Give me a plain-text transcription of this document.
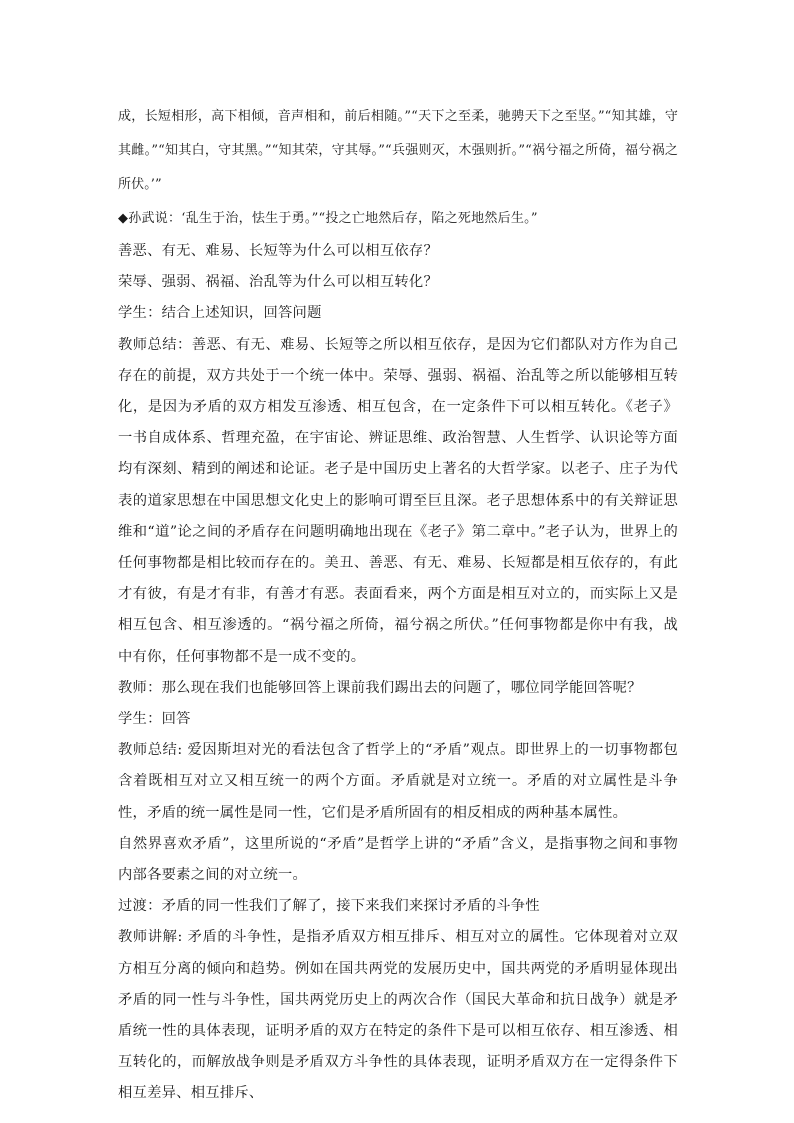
成，长短相形，高下相倾，音声相和，前后相随。”“天下之至柔，驰骋天下之至坚。”“知其雄，守其雌。”“知其白，守其黑。”“知其荣，守其辱。”“兵强则灭，木强则折。”“祸兮福之所倚，福兮祸之所伏。’”

◆孙武说：‘乱生于治，怯生于勇。”“投之亡地然后存，陷之死地然后生。”

善恶、有无、难易、长短等为什么可以相互依存？

荣辱、强弱、祸福、治乱等为什么可以相互转化？

学生：结合上述知识，回答问题

教师总结：善恶、有无、难易、长短等之所以相互依存，是因为它们都队对方作为自己存在的前提，双方共处于一个统一体中。荣辱、强弱、祸福、治乱等之所以能够相互转化，是因为矛盾的双方相发互渗透、相互包含，在一定条件下可以相互转化。《老子》一书自成体系、哲理充盈，在宇宙论、辨证思维、政治智慧、人生哲学、认识论等方面均有深刻、精到的阐述和论证。老子是中国历史上著名的大哲学家。以老子、庄子为代表的道家思想在中国思想文化史上的影响可谓至巨且深。老子思想体系中的有关辩证思维和“道”论之间的矛盾存在问题明确地出现在《老子》第二章中。”老子认为，世界上的任何事物都是相比较而存在的。美丑、善恶、有无、难易、长短都是相互依存的，有此才有彼，有是才有非，有善才有恶。表面看来，两个方面是相互对立的，而实际上又是相互包含、相互渗透的。“祸兮福之所倚，福兮祸之所伏。”任何事物都是你中有我，战中有你，任何事物都不是一成不变的。

教师：那么现在我们也能够回答上课前我们踢出去的问题了，哪位同学能回答呢？

学生：回答

教师总结: 爱因斯坦对光的看法包含了哲学上的“矛盾”观点。即世界上的一切事物都包含着既相互对立又相互统一的两个方面。矛盾就是对立统一。矛盾的对立属性是斗争性，矛盾的统一属性是同一性，它们是矛盾所固有的相反相成的两种基本属性。

自然界喜欢矛盾”，这里所说的“矛盾”是哲学上讲的“矛盾”含义，是指事物之间和事物内部各要素之间的对立统一。

过渡：矛盾的同一性我们了解了，接下来我们来探讨矛盾的斗争性

教师讲解: 矛盾的斗争性，是指矛盾双方相互排斥、相互对立的属性。它体现着对立双方相互分离的倾向和趋势。例如在国共两党的发展历史中，国共两党的矛盾明显体现出矛盾的同一性与斗争性，国共两党历史上的两次合作（国民大革命和抗日战争）就是矛盾统一性的具体表现，证明矛盾的双方在特定的条件下是可以相互依存、相互渗透、相互转化的，而解放战争则是矛盾双方斗争性的具体表现，证明矛盾双方在一定得条件下相互差异、相互排斥、
